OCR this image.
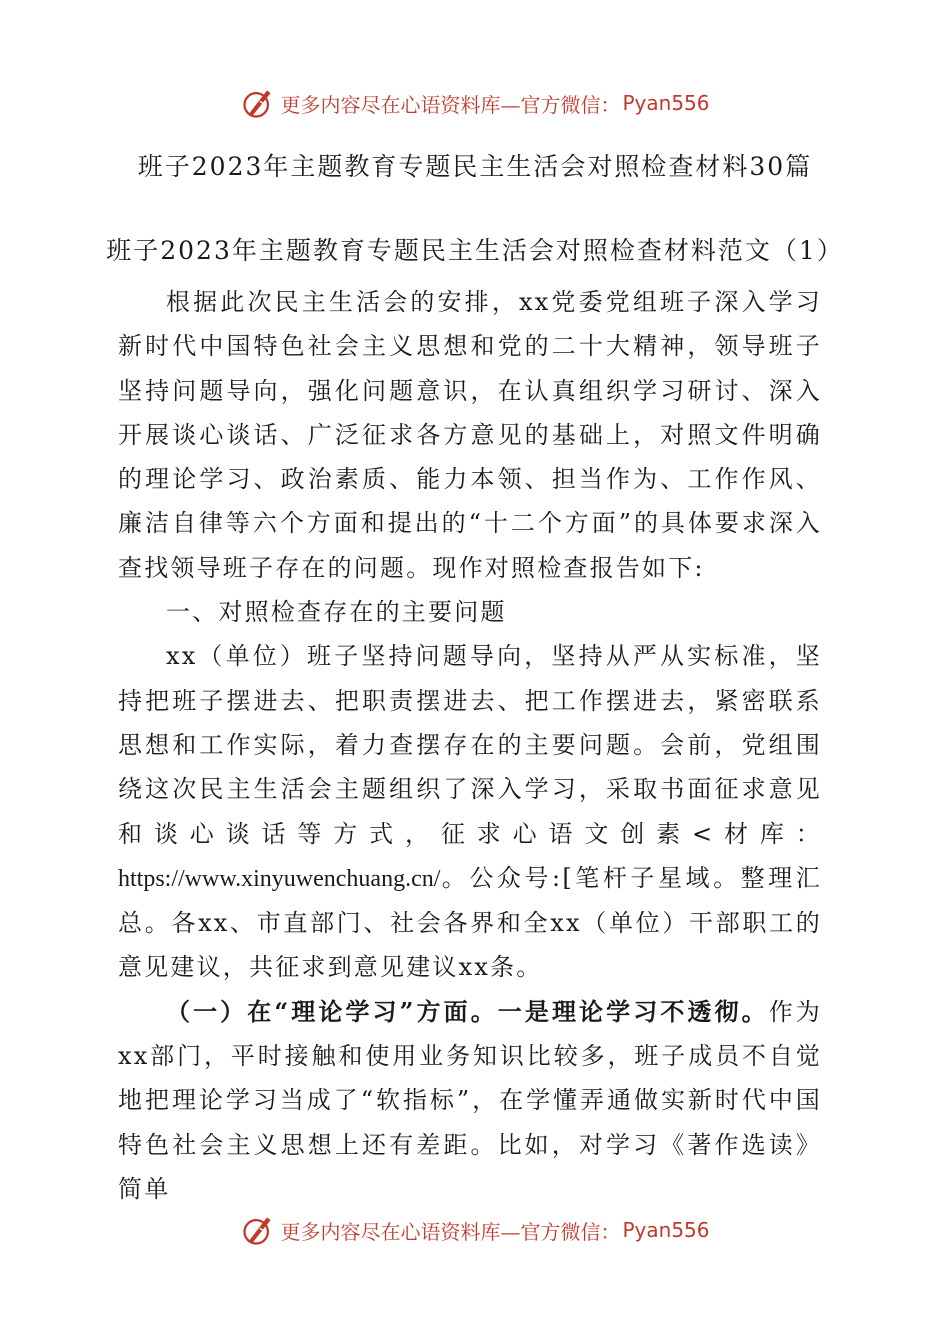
更多内容尽在心语资料库—官方微信： Pyan556
班子2023年主题教育专题民主生活会对照检查材料30篇
班子2023年主题教育专题民主生活会对照检查材料范文（1）

根据此次民主生活会的安排，xx党委党组班子深入学习新时代中国特色社会主义思想和党的二十大精神，领导班子坚持问题导向，强化问题意识，在认真组织学习研讨、深入开展谈心谈话、广泛征求各方意见的基础上，对照文件明确的理论学习、政治素质、能力本领、担当作为、工作作风、廉洁自律等六个方面和提出的“十二个方面”的具体要求深入查找领导班子存在的问题。现作对照检查报告如下:

一、对照检查存在的主要问题

xx（单位）班子坚持问题导向，坚持从严从实标准，坚持把班子摆进去、把职责摆进去、把工作摆进去，紧密联系思想和工作实际，着力查摆存在的主要问题。会前，党组围绕这次民主生活会主题组织了深入学习，采取书面征求意见和谈心谈话等方式，征求心语文创素<材库：https://www.xinyuwenchuang.cn/。公众号:[笔杆子星域。整理汇总。各xx、市直部门、社会各界和全xx（单位）干部职工的意见建议，共征求到意见建议xx条。

（一）在“理论学习”方面。一是理论学习不透彻。作为xx部门，平时接触和使用业务知识比较多，班子成员不自觉地把理论学习当成了“软指标”，在学懂弄通做实新时代中国特色社会主义思想上还有差距。比如，对学习《著作选读》简单

更多内容尽在心语资料库—官方微信： Pyan556
